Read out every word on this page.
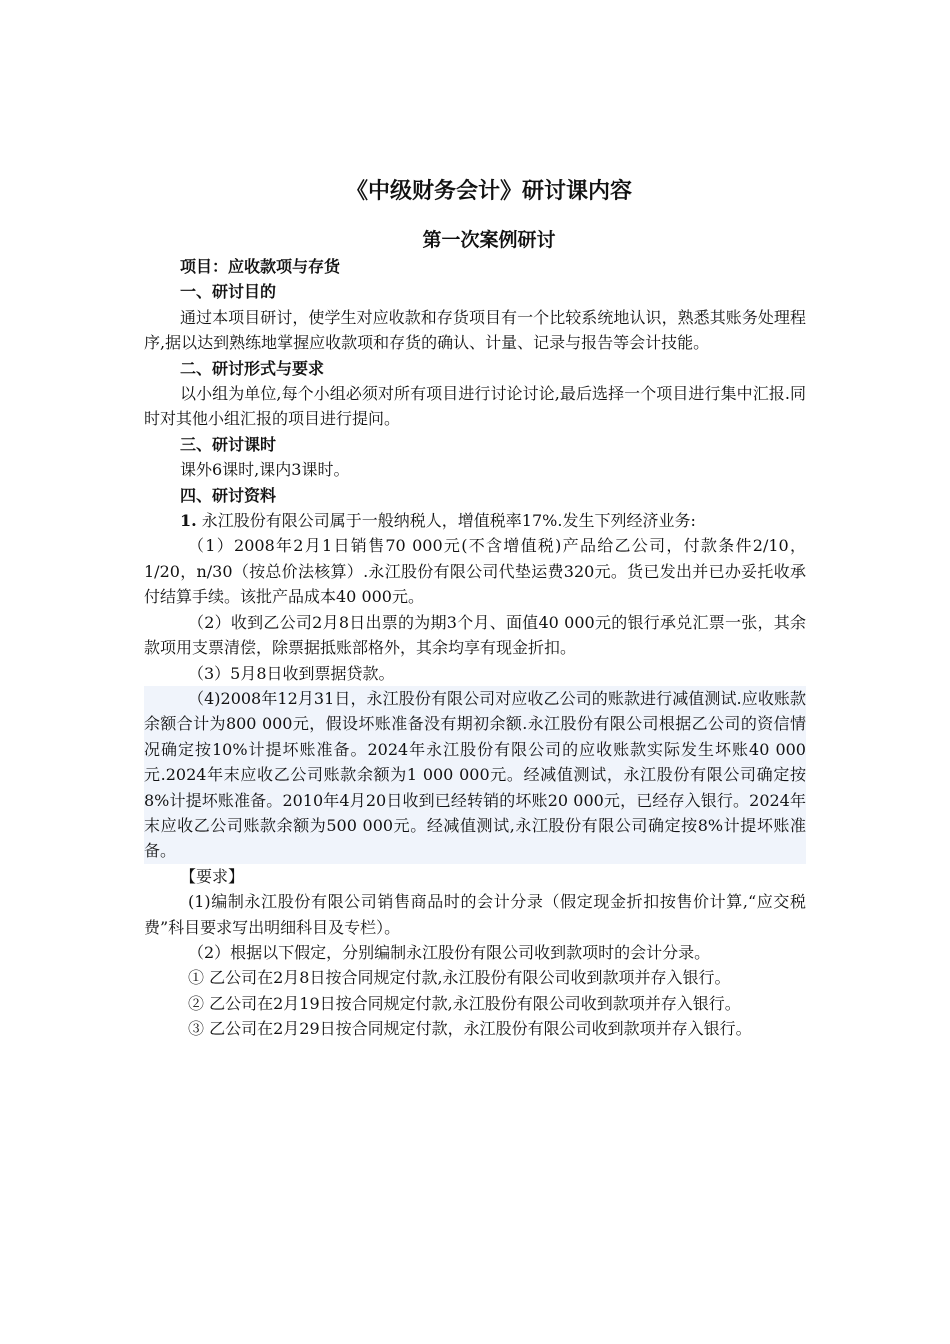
《中级财务会计》研讨课内容
第一次案例研讨
项目：应收款项与存货
一、研讨目的

通过本项目研讨，使学生对应收款和存货项目有一个比较系统地认识，熟悉其账务处理程序,据以达到熟练地掌握应收款项和存货的确认、计量、记录与报告等会计技能。

二、研讨形式与要求

以小组为单位,每个小组必须对所有项目进行讨论讨论,最后选择一个项目进行集中汇报.同时对其他小组汇报的项目进行提问。

三、研讨课时

课外6课时,课内3课时。

四、研讨资料

1. 永江股份有限公司属于一般纳税人，增值税率17%.发生下列经济业务:

（1）2008年2月1日销售70 000元(不含增值税)产品给乙公司，付款条件2/10，1/20，n/30（按总价法核算）.永江股份有限公司代垫运费320元。货已发出并已办妥托收承付结算手续。该批产品成本40 000元。

（2）收到乙公司2月8日出票的为期3个月、面值40 000元的银行承兑汇票一张，其余款项用支票清偿，除票据抵账部格外，其余均享有现金折扣。

（3）5月8日收到票据贷款。

（4)2008年12月31日，永江股份有限公司对应收乙公司的账款进行减值测试.应收账款余额合计为800 000元，假设坏账准备没有期初余额.永江股份有限公司根据乙公司的资信情况确定按10%计提坏账准备。2024年永江股份有限公司的应收账款实际发生坏账40 000元.2024年末应收乙公司账款余额为1 000 000元。经减值测试，永江股份有限公司确定按8%计提坏账准备。2010年4月20日收到已经转销的坏账20 000元，已经存入银行。2024年末应收乙公司账款余额为500 000元。经减值测试,永江股份有限公司确定按8%计提坏账准备。

【要求】

(1)编制永江股份有限公司销售商品时的会计分录（假定现金折扣按售价计算,“应交税费”科目要求写出明细科目及专栏）。

（2）根据以下假定，分别编制永江股份有限公司收到款项时的会计分录。

① 乙公司在2月8日按合同规定付款,永江股份有限公司收到款项并存入银行。

② 乙公司在2月19日按合同规定付款,永江股份有限公司收到款项并存入银行。

③ 乙公司在2月29日按合同规定付款，永江股份有限公司收到款项并存入银行。
